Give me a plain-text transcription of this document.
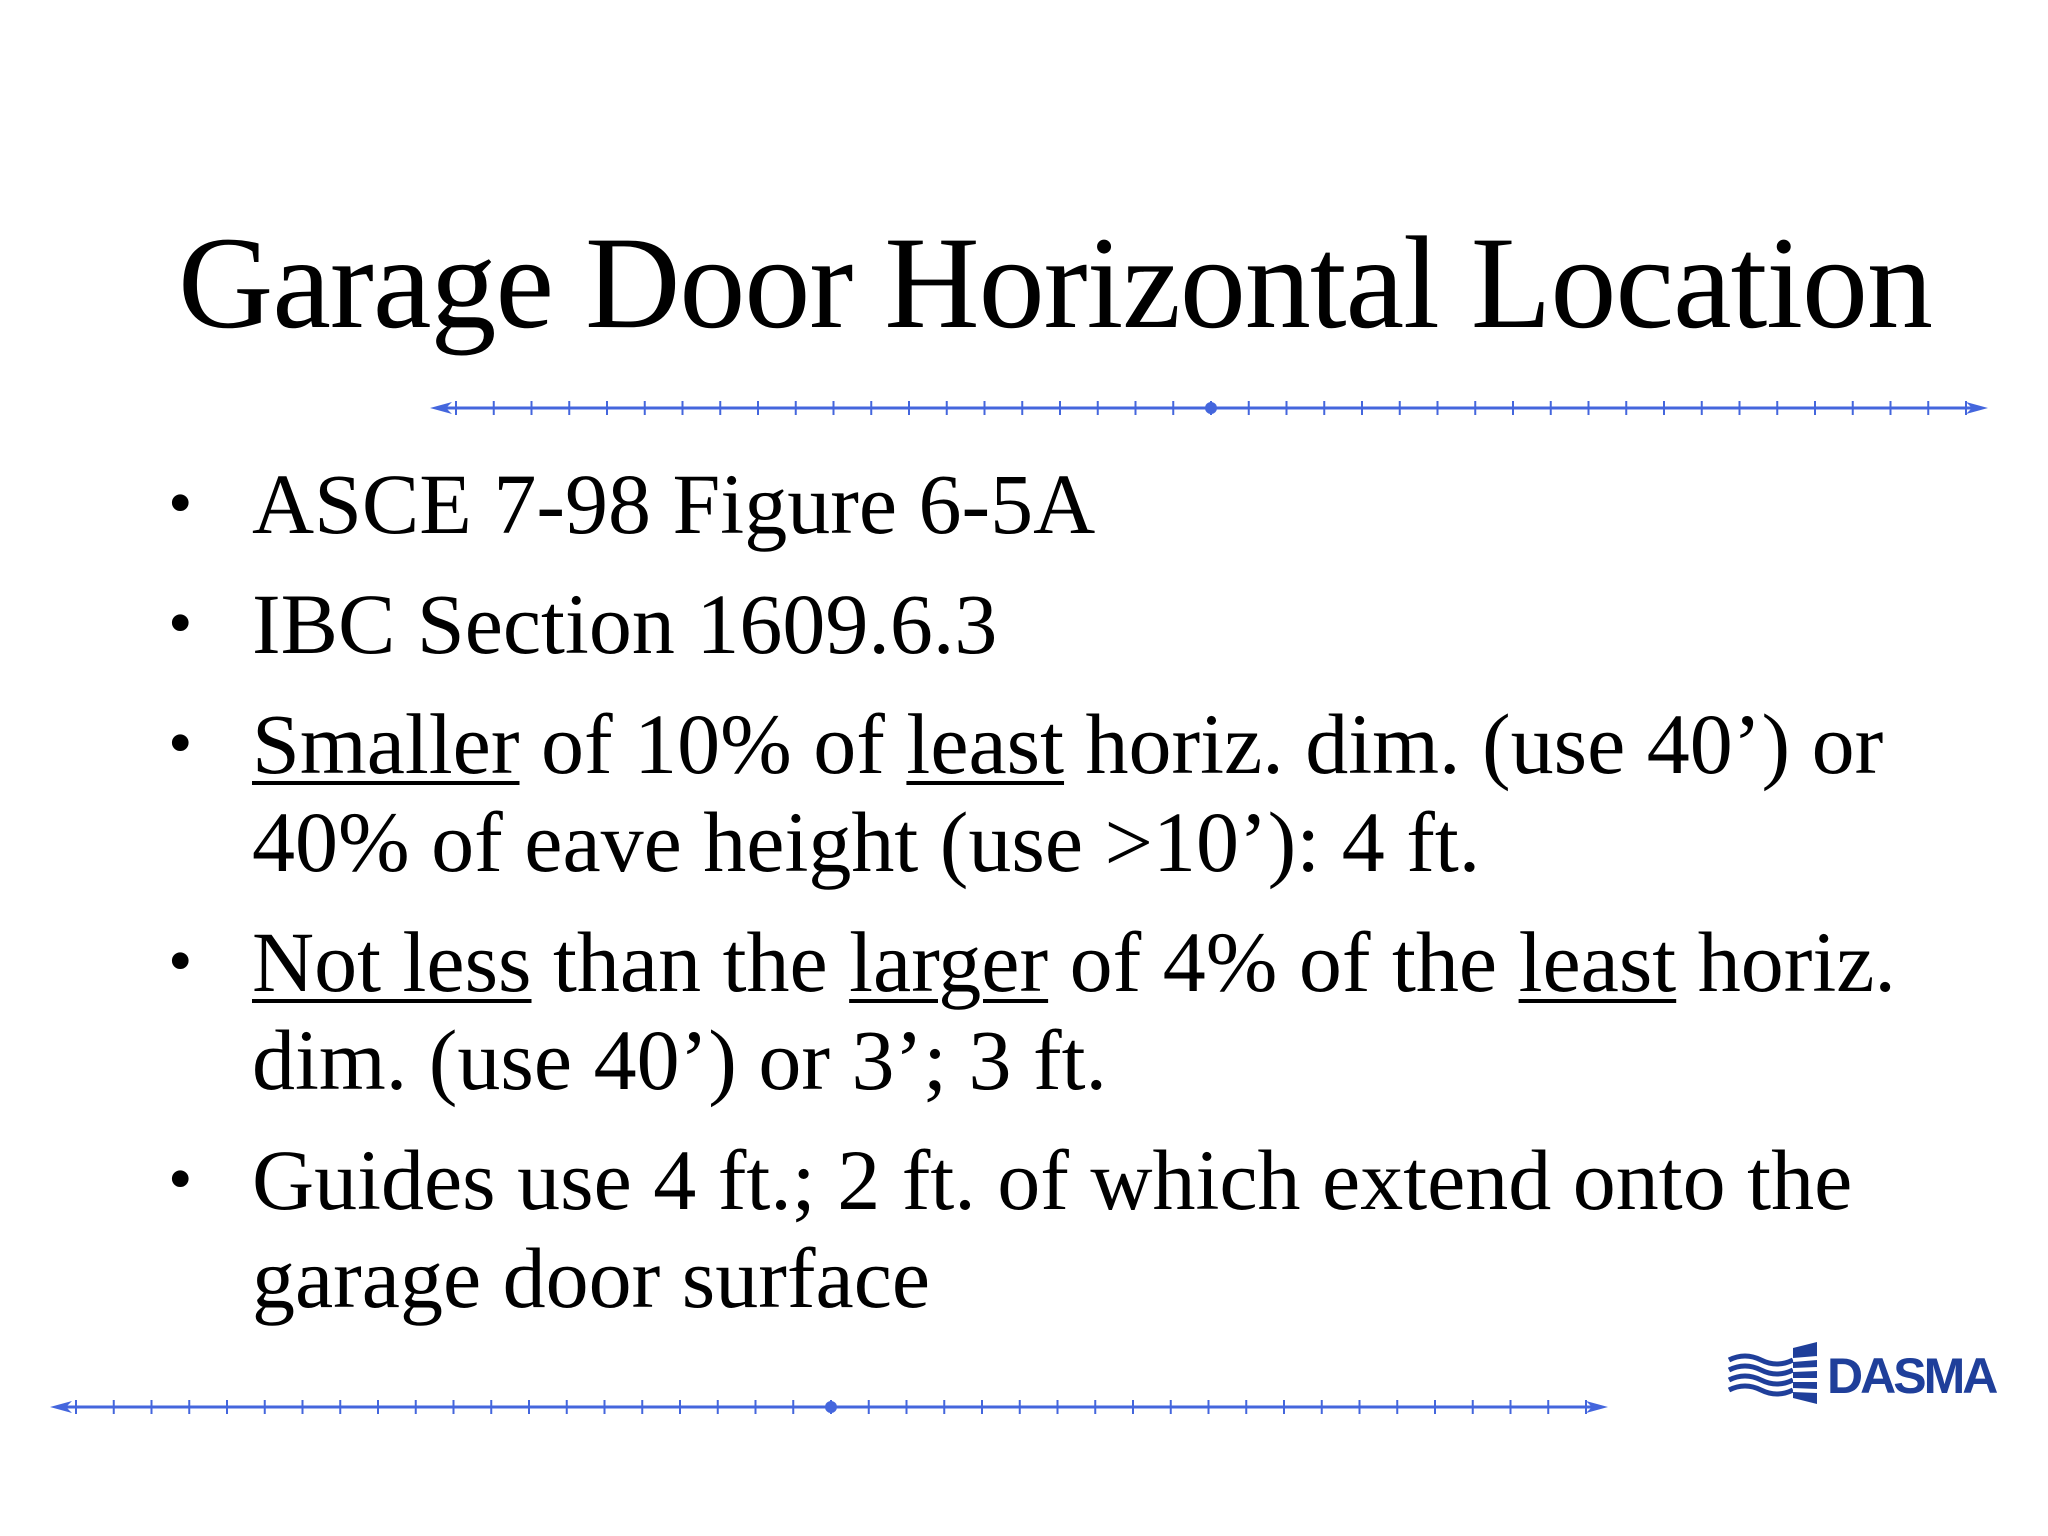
Garage Door Horizontal Location
• ASCE 7-98 Figure 6-5A
• IBC Section 1609.6.3
• Smaller of 10% of least horiz. dim. (use 40’) or 40% of eave height (use >10’): 4 ft.
• Not less than the larger of 4% of the least horiz. dim. (use 40’) or 3’; 3 ft.
• Guides use 4 ft.; 2 ft. of which extend onto the garage door surface
DASMA
